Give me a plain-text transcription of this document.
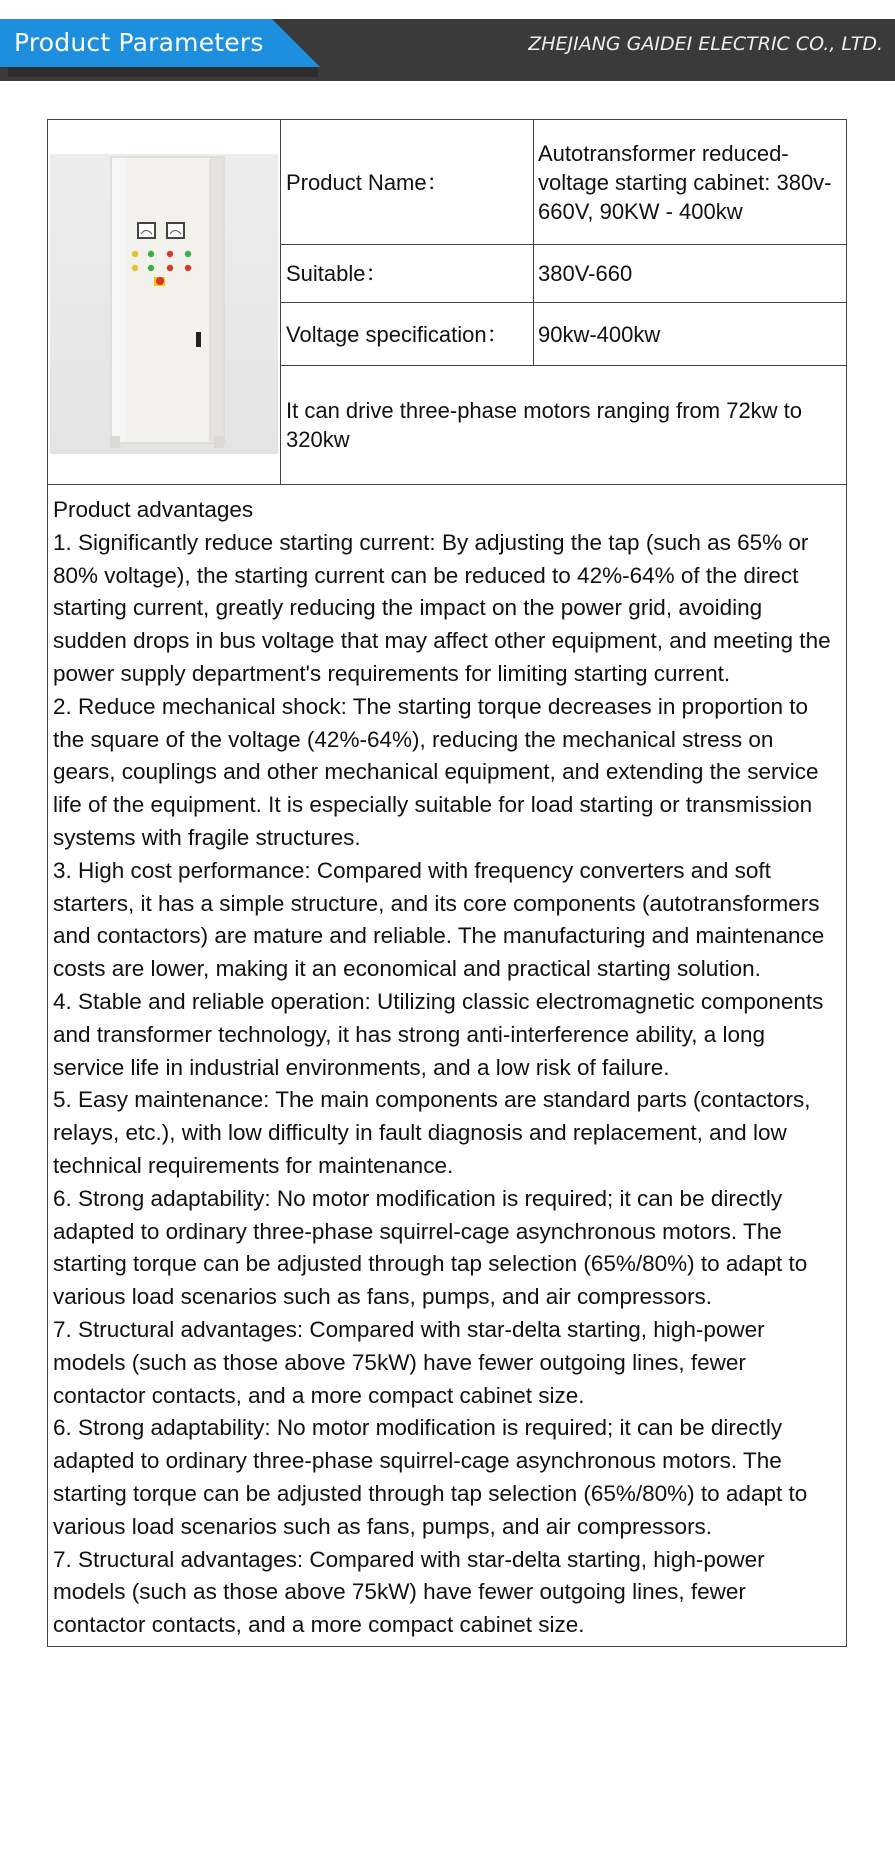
Product Parameters	ZHEJIANG GAIDEI ELECTRIC CO., LTD.
Product Name：
Autotransformer reduced-voltage starting cabinet: 380v- 660V, 90KW - 400kw
Suitable：	380V-660
Voltage specification：	90kw-400kw
It can drive three-phase motors ranging from 72kw to 320kw
Product advantages
1. Significantly reduce starting current: By adjusting the tap (such as 65% or 80% voltage), the starting current can be reduced to 42%-64% of the direct starting current, greatly reducing the impact on the power grid, avoiding sudden drops in bus voltage that may affect other equipment, and meeting the power supply department's requirements for limiting starting current.
2. Reduce mechanical shock: The starting torque decreases in proportion to the square of the voltage (42%-64%), reducing the mechanical stress on gears, couplings and other mechanical equipment, and extending the service life of the equipment. It is especially suitable for load starting or transmission systems with fragile structures.
3. High cost performance: Compared with frequency converters and soft starters, it has a simple structure, and its core components (autotransformers and contactors) are mature and reliable. The manufacturing and maintenance costs are lower, making it an economical and practical starting solution.
4. Stable and reliable operation: Utilizing classic electromagnetic components and transformer technology, it has strong anti-interference ability, a long service life in industrial environments, and a low risk of failure.
5. Easy maintenance: The main components are standard parts (contactors, relays, etc.), with low difficulty in fault diagnosis and replacement, and low technical requirements for maintenance.
6. Strong adaptability: No motor modification is required; it can be directly adapted to ordinary three-phase squirrel-cage asynchronous motors. The starting torque can be adjusted through tap selection (65%/80%) to adapt to various load scenarios such as fans, pumps, and air compressors.
7. Structural advantages: Compared with star-delta starting, high-power models (such as those above 75kW) have fewer outgoing lines, fewer contactor contacts, and a more compact cabinet size.
6. Strong adaptability: No motor modification is required; it can be directly adapted to ordinary three-phase squirrel-cage asynchronous motors. The starting torque can be adjusted through tap selection (65%/80%) to adapt to various load scenarios such as fans, pumps, and air compressors.
7. Structural advantages: Compared with star-delta starting, high-power models (such as those above 75kW) have fewer outgoing lines, fewer contactor contacts, and a more compact cabinet size.
